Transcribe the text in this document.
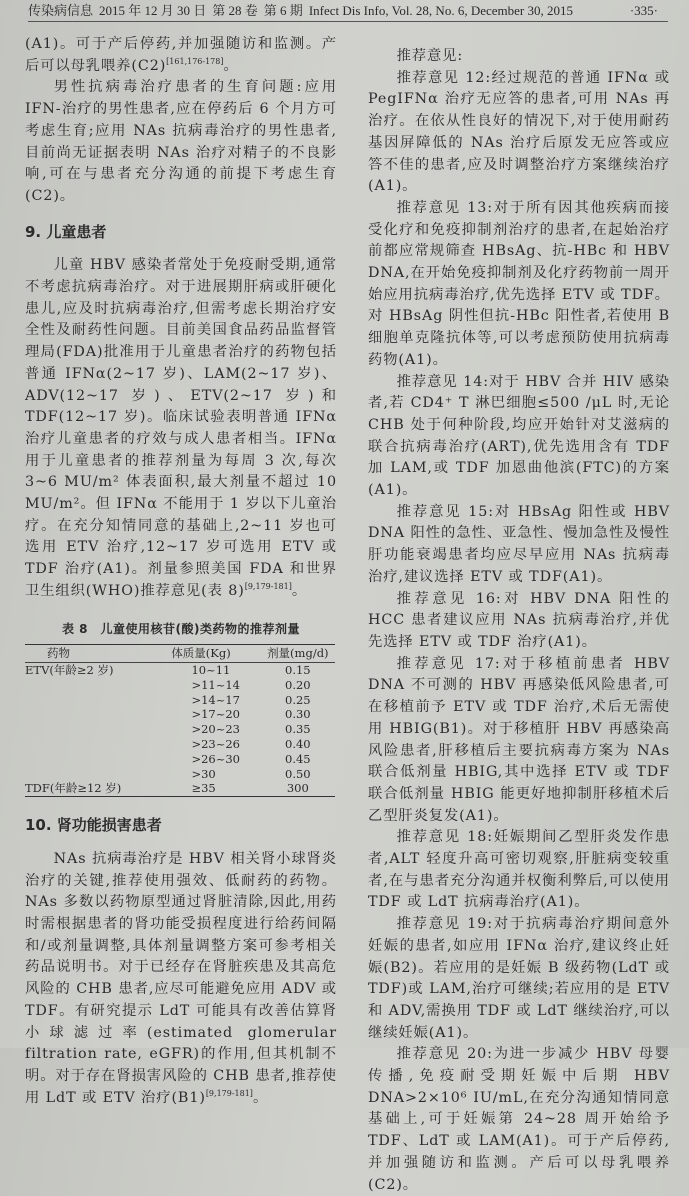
传染病信息 2015 年 12 月 30 日 第 28 卷 第 6 期 Infect Dis Info, Vol. 28, No. 6, December 30, 2015	·335·

(A1)。可于产后停药,并加强随访和监测。产后可以母乳喂养(C2)[161,176-178]。

男性抗病毒治疗患者的生育问题:应用 IFN-治疗的男性患者,应在停药后 6 个月方可考虑生育;应用 NAs 抗病毒治疗的男性患者,目前尚无证据表明 NAs 治疗对精子的不良影响,可在与患者充分沟通的前提下考虑生育(C2)。

9. 儿童患者

儿童 HBV 感染者常处于免疫耐受期,通常不考虑抗病毒治疗。对于进展期肝病或肝硬化患儿,应及时抗病毒治疗,但需考虑长期治疗安全性及耐药性问题。目前美国食品药品监督管理局(FDA)批准用于儿童患者治疗的药物包括普通 IFNα(2~17 岁)、LAM(2~17 岁)、ADV(12~17 岁)、ETV(2~17 岁)和 TDF(12~17 岁)。临床试验表明普通 IFNα 治疗儿童患者的疗效与成人患者相当。IFNα 用于儿童患者的推荐剂量为每周 3 次,每次 3~6 MU/m² 体表面积,最大剂量不超过 10 MU/m²。但 IFNα 不能用于 1 岁以下儿童治疗。在充分知情同意的基础上,2~11 岁也可选用 ETV 治疗,12~17 岁可选用 ETV 或 TDF 治疗(A1)。剂量参照美国 FDA 和世界卫生组织(WHO)推荐意见(表 8)[9,179-181]。

表 8　儿童使用核苷(酸)类药物的推荐剂量
药物	体质量(Kg)	剂量(mg/d)
ETV(年龄≥2 岁)	10~11	0.15
	>11~14	0.20
	>14~17	0.25
	>17~20	0.30
	>20~23	0.35
	>23~26	0.40
	>26~30	0.45
	>30	0.50
TDF(年龄≥12 岁)	≥35	300
10. 肾功能损害患者

NAs 抗病毒治疗是 HBV 相关肾小球肾炎治疗的关键,推荐使用强效、低耐药的药物。NAs 多数以药物原型通过肾脏清除,因此,用药时需根据患者的肾功能受损程度进行给药间隔和/或剂量调整,具体剂量调整方案可参考相关药品说明书。对于已经存在肾脏疾患及其高危风险的 CHB 患者,应尽可能避免应用 ADV 或 TDF。有研究提示 LdT 可能具有改善估算肾小球滤过率(estimated glomerular filtration rate, eGFR)的作用,但其机制不明。对于存在肾损害风险的 CHB 患者,推荐使用 LdT 或 ETV 治疗(B1)[9,179-181]。

推荐意见:

推荐意见 12:经过规范的普通 IFNα 或PegIFNα 治疗无应答的患者,可用 NAs 再治疗。在依从性良好的情况下,对于使用耐药基因屏障低的 NAs 治疗后原发无应答或应答不佳的患者,应及时调整治疗方案继续治疗(A1)。

推荐意见 13:对于所有因其他疾病而接受化疗和免疫抑制剂治疗的患者,在起始治疗前都应常规筛查 HBsAg、抗-HBc 和 HBV DNA,在开始免疫抑制剂及化疗药物前一周开始应用抗病毒治疗,优先选择 ETV 或 TDF。对 HBsAg 阴性但抗-HBc 阳性者,若使用 B 细胞单克隆抗体等,可以考虑预防使用抗病毒药物(A1)。

推荐意见 14:对于 HBV 合并 HIV 感染者,若 CD4⁺ T 淋巴细胞≤500 /μL 时,无论 CHB 处于何种阶段,均应开始针对艾滋病的联合抗病毒治疗(ART),优先选用含有 TDF 加 LAM,或 TDF 加恩曲他滨(FTC)的方案(A1)。

推荐意见 15:对 HBsAg 阳性或 HBV DNA 阳性的急性、亚急性、慢加急性及慢性肝功能衰竭患者均应尽早应用 NAs 抗病毒治疗,建议选择 ETV 或 TDF(A1)。

推荐意见 16:对 HBV DNA 阳性的 HCC 患者建议应用 NAs 抗病毒治疗,并优先选择 ETV 或 TDF 治疗(A1)。

推荐意见 17:对于移植前患者 HBV DNA 不可测的 HBV 再感染低风险患者,可在移植前予 ETV 或 TDF 治疗,术后无需使用 HBIG(B1)。对于移植肝 HBV 再感染高风险患者,肝移植后主要抗病毒方案为 NAs 联合低剂量 HBIG,其中选择 ETV 或 TDF 联合低剂量 HBIG 能更好地抑制肝移植术后乙型肝炎复发(A1)。

推荐意见 18:妊娠期间乙型肝炎发作患者,ALT 轻度升高可密切观察,肝脏病变较重者,在与患者充分沟通并权衡利弊后,可以使用 TDF 或 LdT 抗病毒治疗(A1)。

推荐意见 19:对于抗病毒治疗期间意外妊娠的患者,如应用 IFNα 治疗,建议终止妊娠(B2)。若应用的是妊娠 B 级药物(LdT 或 TDF)或 LAM,治疗可继续;若应用的是 ETV 和 ADV,需换用 TDF 或 LdT 继续治疗,可以继续妊娠(A1)。

推荐意见 20:为进一步减少 HBV 母婴传播,免疫耐受期妊娠中后期 HBV DNA>2×10⁶ IU/mL,在充分沟通知情同意基础上,可于妊娠第 24~28 周开始给予 TDF、LdT 或 LAM(A1)。可于产后停药,并加强随访和监测。产后可以母乳喂养(C2)。
